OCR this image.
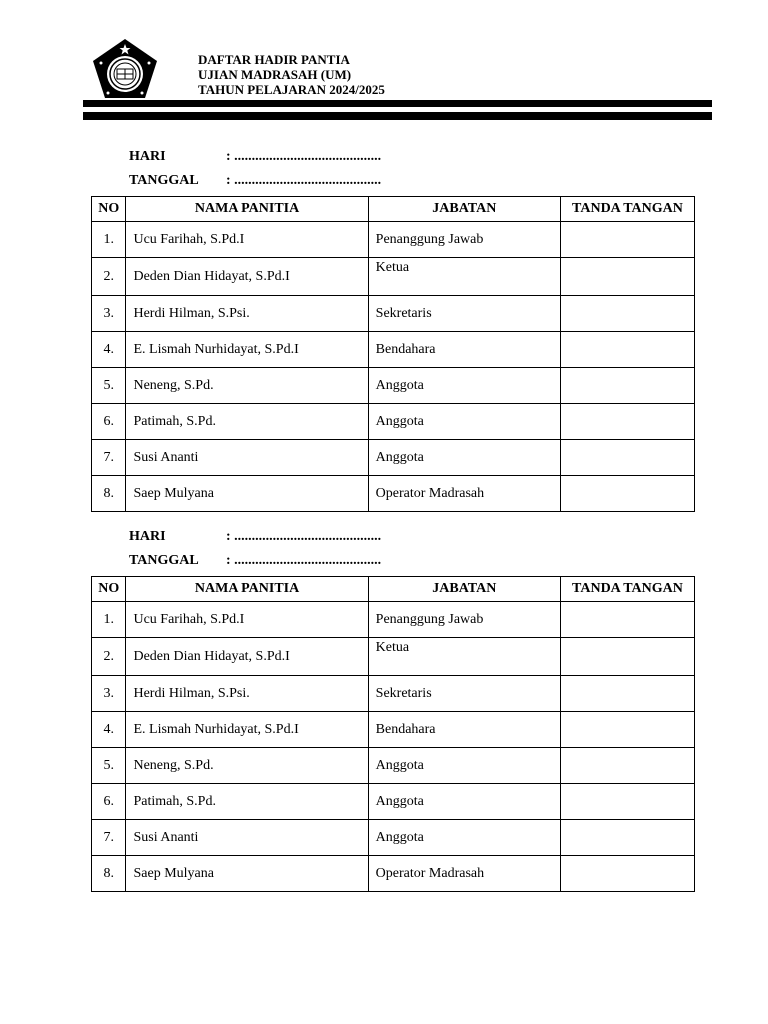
DAFTAR HADIR PANTIA
UJIAN MADRASAH (UM)
TAHUN PELAJARAN 2024/2025
HARI	: ..........................................
TANGGAL : ..........................................
NO	NAMA PANITIA	JABATAN	TANDA TANGAN
1.	Ucu Farihah, S.Pd.I	Penanggung Jawab	
2.	Deden Dian Hidayat, S.Pd.I	Ketua	
3.	Herdi Hilman, S.Psi.	Sekretaris	
4.	E. Lismah Nurhidayat, S.Pd.I	Bendahara	
5.	Neneng, S.Pd.	Anggota	
6.	Patimah, S.Pd.	Anggota	
7.	Susi Ananti	Anggota	
8.	Saep Mulyana	Operator Madrasah	
HARI	: ..........................................
TANGGAL : ..........................................
NO	NAMA PANITIA	JABATAN	TANDA TANGAN
1.	Ucu Farihah, S.Pd.I	Penanggung Jawab	
2.	Deden Dian Hidayat, S.Pd.I	Ketua	
3.	Herdi Hilman, S.Psi.	Sekretaris	
4.	E. Lismah Nurhidayat, S.Pd.I	Bendahara	
5.	Neneng, S.Pd.	Anggota	
6.	Patimah, S.Pd.	Anggota	
7.	Susi Ananti	Anggota	
8.	Saep Mulyana	Operator Madrasah	
